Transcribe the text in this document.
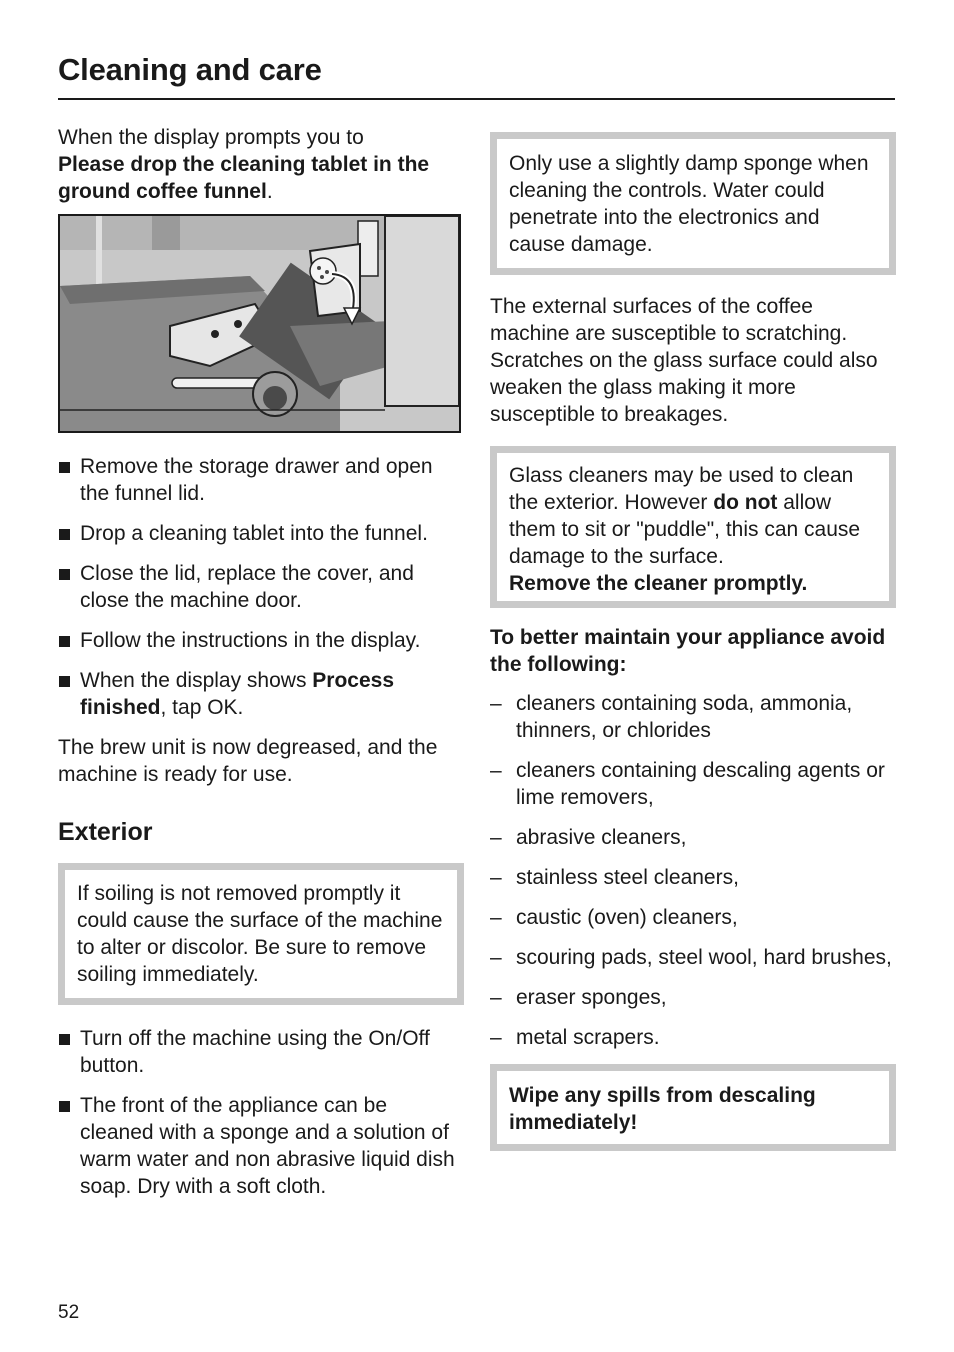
Cleaning and care

When the display prompts you to
Please drop the cleaning tablet in the ground coffee funnel.

Remove the storage drawer and open the funnel lid.
Drop a cleaning tablet into the funnel.
Close the lid, replace the cover, and close the machine door.
Follow the instructions in the display.
When the display shows Process finished, tap OK.

The brew unit is now degreased, and the machine is ready for use.

Exterior

If soiling is not removed promptly it could cause the surface of the machine to alter or discolor. Be sure to remove soiling immediately.

Turn off the machine using the On/Off button.
The front of the appliance can be cleaned with a sponge and a solution of warm water and non abrasive liquid dish soap. Dry with a soft cloth.

Only use a slightly damp sponge when cleaning the controls. Water could penetrate into the electronics and cause damage.

The external surfaces of the coffee machine are susceptible to scratching. Scratches on the glass surface could also weaken the glass making it more susceptible to breakages.

Glass cleaners may be used to clean the exterior. However do not allow them to sit or "puddle", this can cause damage to the surface.
Remove the cleaner promptly.

To better maintain your appliance avoid the following:

– cleaners containing soda, ammonia, thinners, or chlorides
– cleaners containing descaling agents or lime removers,
– abrasive cleaners,
– stainless steel cleaners,
– caustic (oven) cleaners,
– scouring pads, steel wool, hard brushes,
– eraser sponges,
– metal scrapers.

Wipe any spills from descaling immediately!

52
